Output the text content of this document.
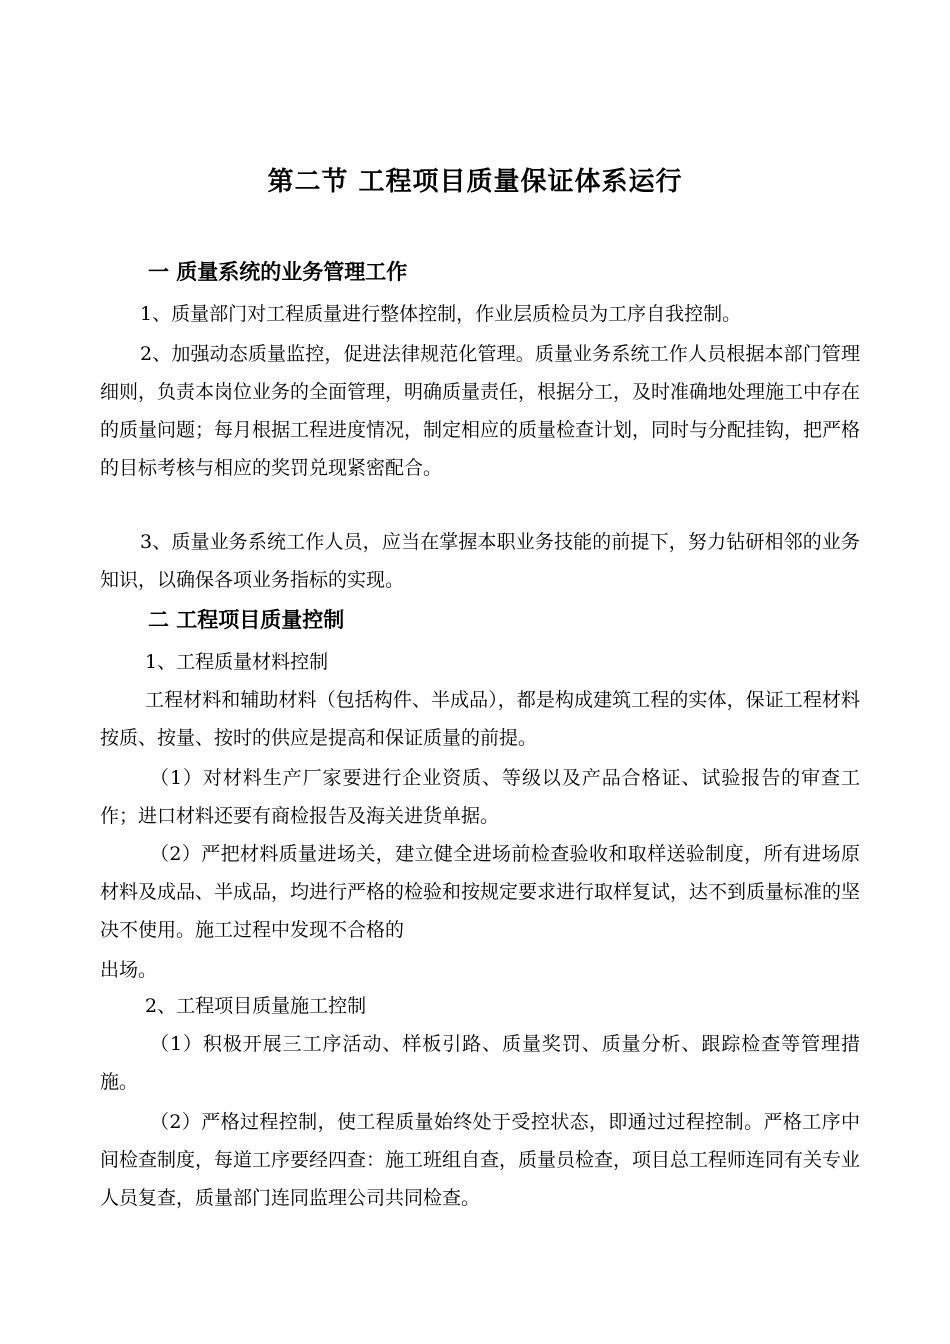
第二节 工程项目质量保证体系运行
一 质量系统的业务管理工作

1、质量部门对工程质量进行整体控制，作业层质检员为工序自我控制。

2、加强动态质量监控，促进法律规范化管理。质量业务系统工作人员根据本部门管理细则，负责本岗位业务的全面管理，明确质量责任，根据分工，及时准确地处理施工中存在的质量问题；每月根据工程进度情况，制定相应的质量检查计划，同时与分配挂钩，把严格的目标考核与相应的奖罚兑现紧密配合。

3、质量业务系统工作人员，应当在掌握本职业务技能的前提下，努力钻研相邻的业务知识，以确保各项业务指标的实现。

二 工程项目质量控制
1、工程质量材料控制

工程材料和辅助材料（包括构件、半成品），都是构成建筑工程的实体，保证工程材料按质、按量、按时的供应是提高和保证质量的前提。

（1）对材料生产厂家要进行企业资质、等级以及产品合格证、试验报告的审查工作；进口材料还要有商检报告及海关进货单据。

（2）严把材料质量进场关，建立健全进场前检查验收和取样送验制度，所有进场原材料及成品、半成品，均进行严格的检验和按规定要求进行取样复试，达不到质量标准的坚决不使用。施工过程中发现不合格的

出场。
2、工程项目质量施工控制

（1）积极开展三工序活动、样板引路、质量奖罚、质量分析、跟踪检查等管理措施。

（2）严格过程控制，使工程质量始终处于受控状态，即通过过程控制。严格工序中间检查制度，每道工序要经四查：施工班组自查，质量员检查，项目总工程师连同有关专业人员复查，质量部门连同监理公司共同检查。
